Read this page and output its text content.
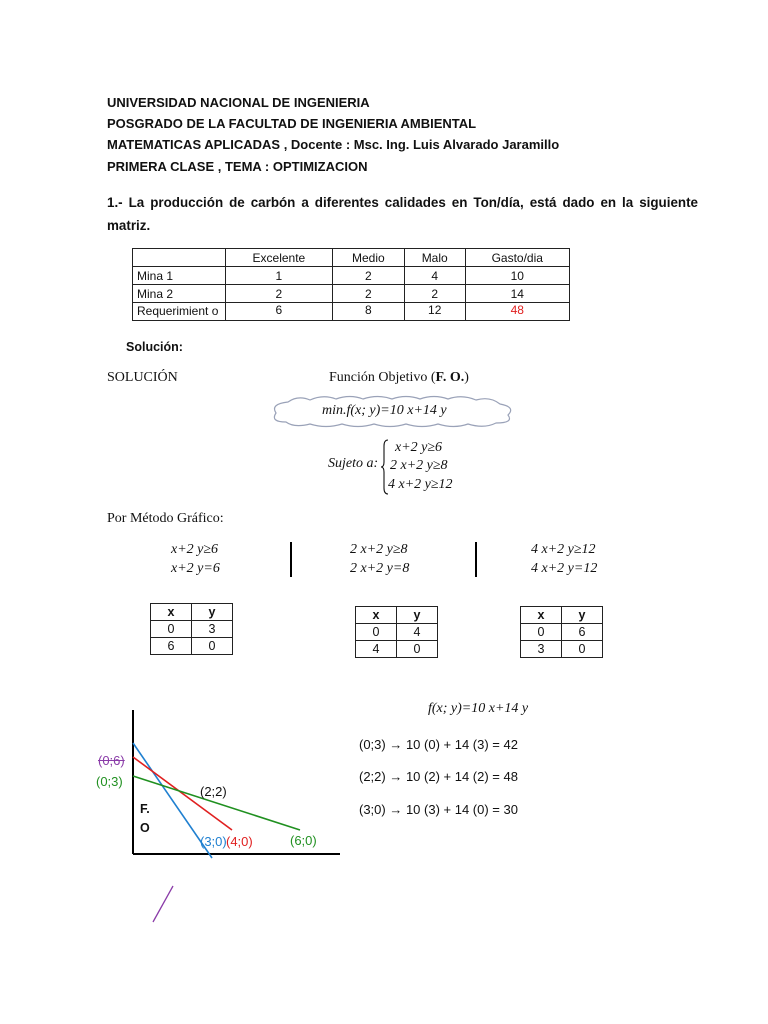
UNIVERSIDAD NACIONAL DE INGENIERIA
POSGRADO DE LA FACULTAD DE INGENIERIA AMBIENTAL
MATEMATICAS APLICADAS , Docente : Msc. Ing. Luis Alvarado Jaramillo
PRIMERA CLASE , TEMA : OPTIMIZACION
1.- La producción de carbón a diferentes calidades en Ton/día, está dado en la siguiente matriz.
	Excelente	Medio	Malo	Gasto/dia
Mina 1	1	2	4	10
Mina 2	2	2	2	14
Requerimient o	6	8	12	48
Solución:
SOLUCIÓN	Función Objetivo (F. O.)
min.f(x; y)=10 x+14 y
Sujeto a:
x+2 y≥6
2 x+2 y≥8
4 x+2 y≥12
Por Método Gráfico:
x+2 y≥6
x+2 y=6
2 x+2 y≥8
2 x+2 y=8
4 x+2 y≥12
4 x+2 y=12
x	y
0	3
6	0
x	y
0	4
4	0
x	y
0	6
3	0
(0;6)
(0;3)
(2;2)
F.
O
(3;0) (4;0)	(6;0)
f(x; y)=10 x+14 y
(0;3) → 10 (0) + 14 (3) = 42
(2;2) → 10 (2) + 14 (2) = 48
(3;0) → 10 (3) + 14 (0) = 30
